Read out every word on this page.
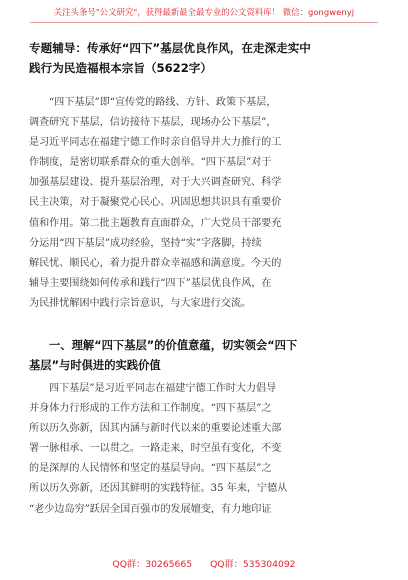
关注头条号"公文研究"，获得最新最全最专业的公文资料库！ 微信：gongwenyj
专题辅导：传承好“四下”基层优良作风，在走深走实中
践行为民造福根本宗旨（5622字）
“四下基层”即“宣传党的路线、方针、政策下基层，
调查研究下基层，信访接待下基层，现场办公下基层”，
是习近平同志在福建宁德工作时亲自倡导并大力推行的工
作制度，是密切联系群众的重大创举。“四下基层”对于
加强基层建设、提升基层治理，对于大兴调查研究、科学
民主决策，对于凝聚党心民心、巩固思想共识具有重要价
值和作用。第二批主题教育直面群众，广大党员干部要充
分运用“四下基层”成功经验，坚持“实”字落脚，持续
解民忧、顺民心，着力提升群众幸福感和满意度。今天的
辅导主要围绕如何传承和践行“四下”基层优良作风，在
为民排忧解困中践行宗旨意识，与大家进行交流。
一、理解“四下基层”的价值意蕴，切实领会“四下
基层”与时俱进的实践价值
四下基层”是习近平同志在福建宁德工作时大力倡导
并身体力行形成的工作方法和工作制度。“四下基层”之
所以历久弥新，因其内涵与新时代以来的重要论述重大部
署一脉相承、一以贯之。一路走来，时空虽有变化，不变
的是深厚的人民情怀和坚定的基层导向。“四下基层”之
所以历久弥新，还因其鲜明的实践特征。35 年来，宁德从
“老少边岛穷”跃居全国百强市的发展嬗变，有力地印证
QQ群：30265665 QQ群：535304092
